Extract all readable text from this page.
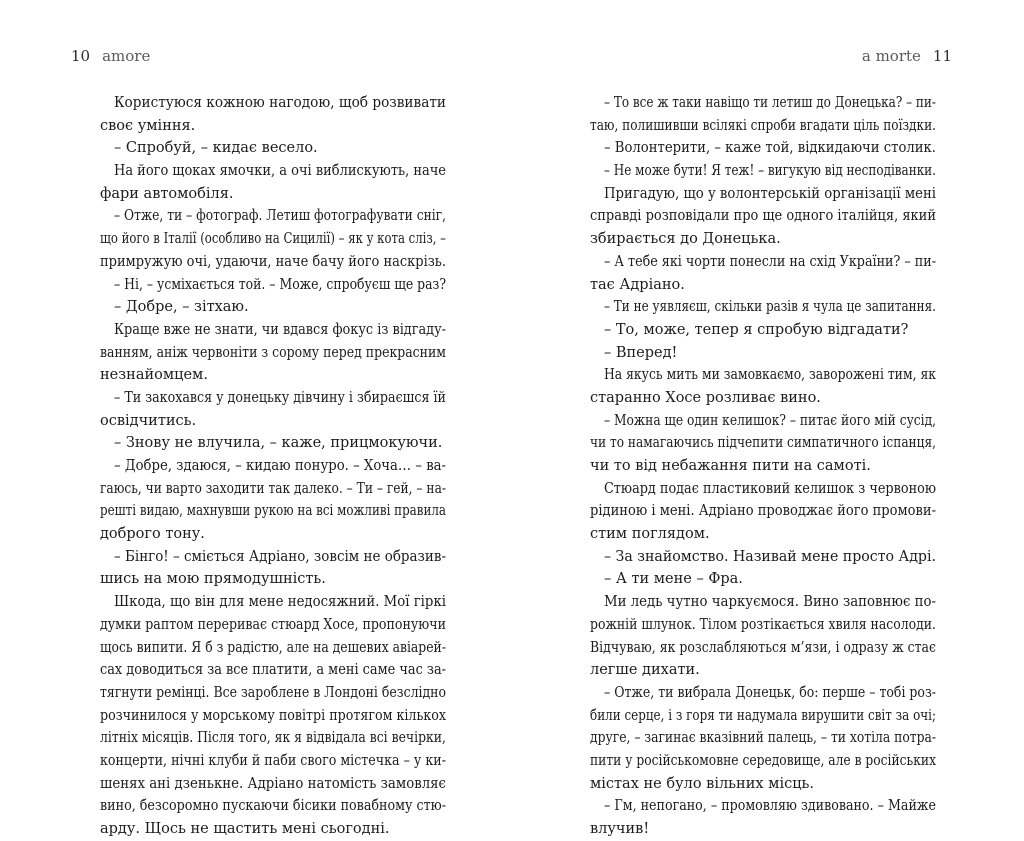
10 amore
Користуюся кожною нагодою, щоб розвивати
своє уміння.
– Спробуй, – кидає весело.
На його щоках ямочки, а очі виблискують, наче
фари автомобіля.
– Отже, ти – фотограф. Летиш фотографувати сніг,
що його в Італії (особливо на Сицилії) – як у кота сліз, –
примружую очі, удаючи, наче бачу його наскрізь.
– Ні, – усміхається той. – Може, спробуєш ще раз?
– Добре, – зітхаю.
Краще вже не знати, чи вдався фокус із відгаду-
ванням, аніж червоніти з сорому перед прекрасним
незнайомцем.
– Ти закохався у донецьку дівчину і збираєшся їй
освідчитись.
– Знову не влучила, – каже, прицмокуючи.
– Добре, здаюся, – кидаю понуро. – Хоча… – ва-
гаюсь, чи варто заходити так далеко. – Ти – гей, – на-
решті видаю, махнувши рукою на всі можливі правила
доброго тону.
– Бінго! – сміється Адріано, зовсім не образив-
шись на мою прямодушність.
Шкода, що він для мене недосяжний. Мої гіркі
думки раптом перериває стюард Хосе, пропонуючи
щось випити. Я б з радістю, але на дешевих авіарей-
сах доводиться за все платити, а мені саме час за-
тягнути ремінці. Все зароблене в Лондоні безслідно
розчинилося у морському повітрі протягом кількох
літніх місяців. Після того, як я відвідала всі вечірки,
концерти, нічні клуби й паби свого містечка – у ки-
шенях ані дзенькне. Адріано натомість замовляє
вино, безсоромно пускаючи бісики повабному стю-
арду. Щось не щастить мені сьогодні.
a morte 11
– То все ж таки навіщо ти летиш до Донецька? – пи-
таю, полишивши всілякі спроби вгадати ціль поїздки.
– Волонтерити, – каже той, відкидаючи столик.
– Не може бути! Я теж! – вигукую від несподіванки.
Пригадую, що у волонтерській організації мені
справді розповідали про ще одного італійця, який
збирається до Донецька.
– А тебе які чорти понесли на схід України? – пи-
тає Адріано.
– Ти не уявляєш, скільки разів я чула це запитання.
– То, може, тепер я спробую відгадати?
– Вперед!
На якусь мить ми замовкаємо, заворожені тим, як
старанно Хосе розливає вино.
– Можна ще один келишок? – питає його мій сусід,
чи то намагаючись підчепити симпатичного іспанця,
чи то від небажання пити на самоті.
Стюард подає пластиковий келишок з червоною
рідиною і мені. Адріано проводжає його промови-
стим поглядом.
– За знайомство. Називай мене просто Адрі.
– А ти мене – Фра.
Ми ледь чутно чаркуємося. Вино заповнює по-
рожній шлунок. Тілом розтікається хвиля насолоди.
Відчуваю, як розслабляються м’язи, і одразу ж стає
легше дихати.
– Отже, ти вибрала Донецьк, бо: перше – тобі роз-
били серце, і з горя ти надумала вирушити світ за очі;
друге, – загинає вказівний палець, – ти хотіла потра-
пити у російськомовне середовище, але в російських
містах не було вільних місць.
– Гм, непогано, – промовляю здивовано. – Майже
влучив!
